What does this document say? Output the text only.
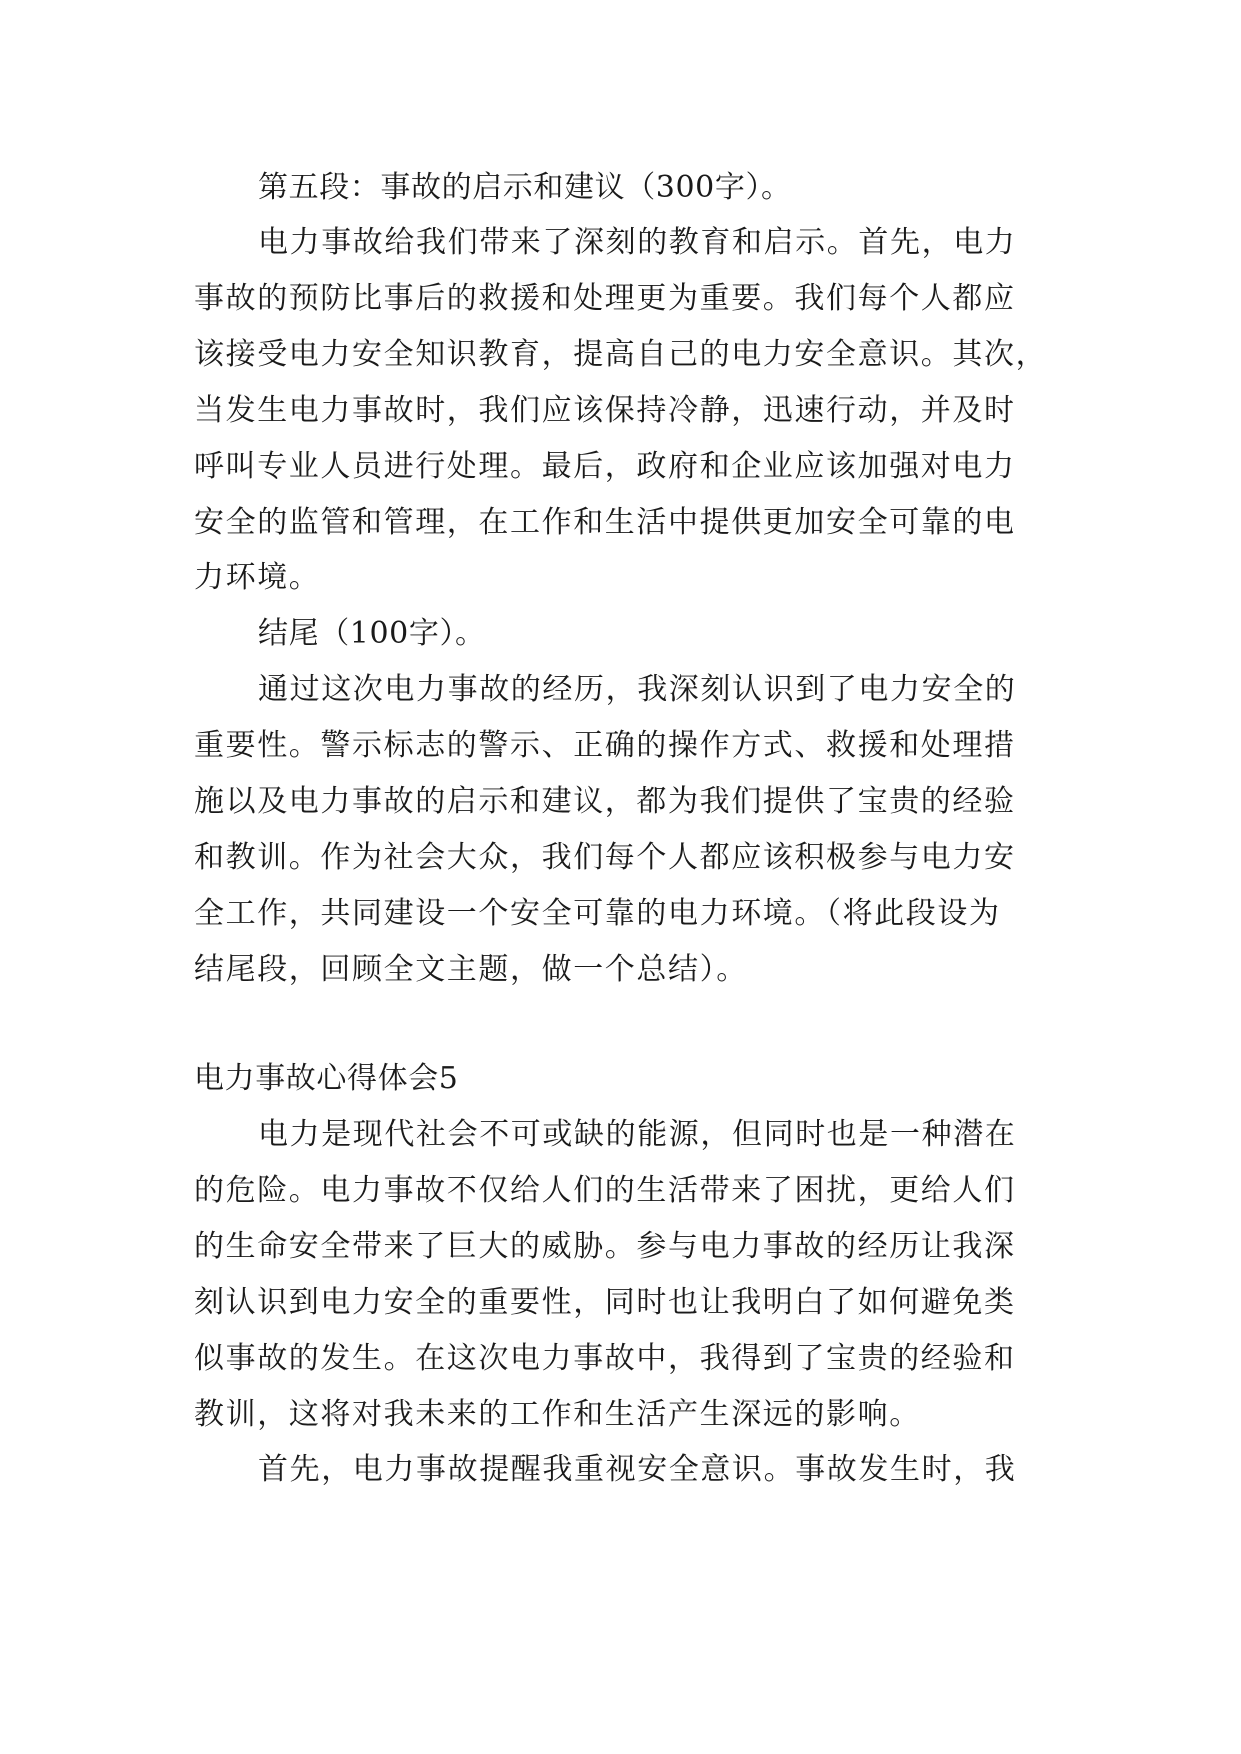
第五段：事故的启示和建议（300字）。
电力事故给我们带来了深刻的教育和启示。首先，电力
事故的预防比事后的救援和处理更为重要。我们每个人都应
该接受电力安全知识教育，提高自己的电力安全意识。其次，
当发生电力事故时，我们应该保持冷静，迅速行动，并及时
呼叫专业人员进行处理。最后，政府和企业应该加强对电力
安全的监管和管理，在工作和生活中提供更加安全可靠的电
力环境。
结尾（100字）。
通过这次电力事故的经历，我深刻认识到了电力安全的
重要性。警示标志的警示、正确的操作方式、救援和处理措
施以及电力事故的启示和建议，都为我们提供了宝贵的经验
和教训。作为社会大众，我们每个人都应该积极参与电力安
全工作，共同建设一个安全可靠的电力环境。（将此段设为
结尾段，回顾全文主题，做一个总结）。
电力事故心得体会5
电力是现代社会不可或缺的能源，但同时也是一种潜在
的危险。电力事故不仅给人们的生活带来了困扰，更给人们
的生命安全带来了巨大的威胁。参与电力事故的经历让我深
刻认识到电力安全的重要性，同时也让我明白了如何避免类
似事故的发生。在这次电力事故中，我得到了宝贵的经验和
教训，这将对我未来的工作和生活产生深远的影响。
首先，电力事故提醒我重视安全意识。事故发生时，我
